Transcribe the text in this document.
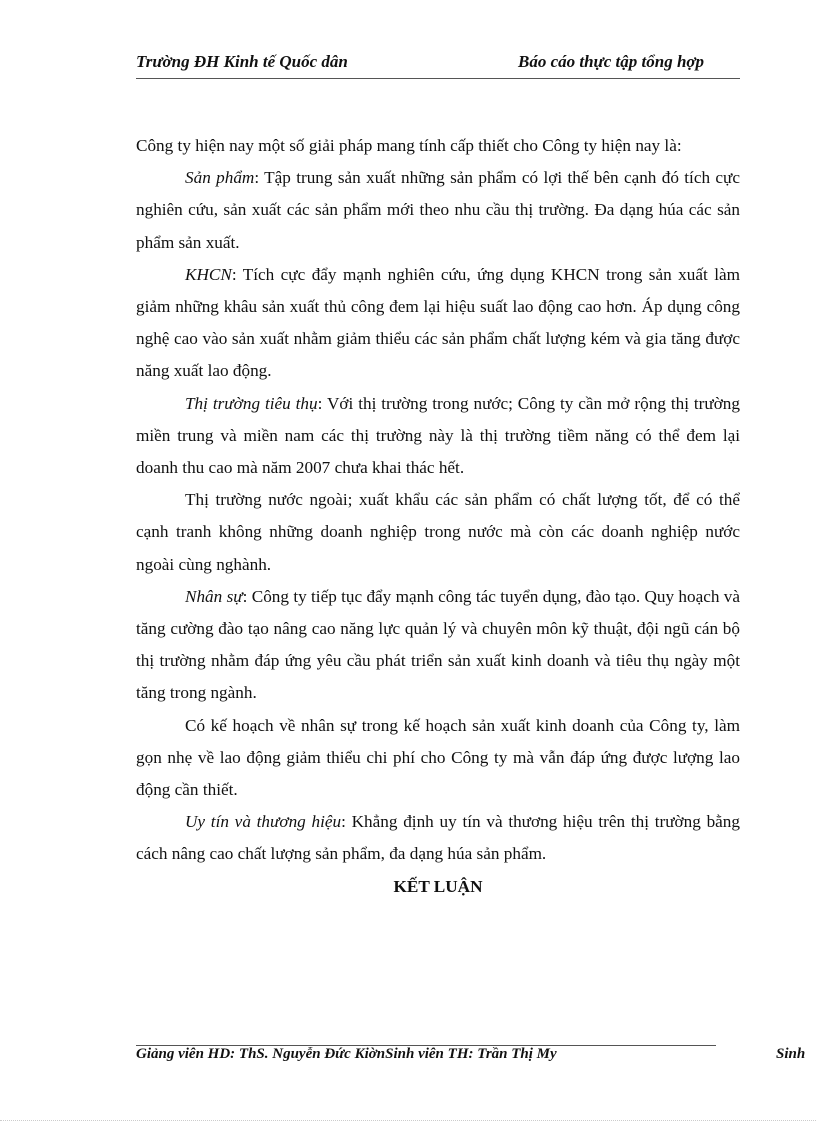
Trường ĐH Kinh tế Quốc dân	Báo cáo thực tập tổng hợp

Công ty hiện nay một số giải pháp mang tính cấp thiết cho Công ty hiện nay là:

Sản phẩm: Tập trung sản xuất những sản phẩm có lợi thế bên cạnh đó tích cực nghiên cứu, sản xuất các sản phẩm mới theo nhu cầu thị trường. Đa dạng húa các sản phẩm sản xuất.

KHCN: Tích cực đẩy mạnh nghiên cứu, ứng dụng KHCN trong sản xuất làm giảm những khâu sản xuất thủ công đem lại hiệu suất lao động cao hơn. Áp dụng công nghệ cao vào sản xuất nhằm giảm thiểu các sản phẩm chất lượng kém và gia tăng được năng xuất lao động.

Thị trường tiêu thụ: Với thị trường trong nước; Công ty cần mở rộng thị trường miền trung và miền nam các thị trường này là thị trường tiềm năng có thể đem lại doanh thu cao mà năm 2007 chưa khai thác hết.

Thị trường nước ngoài; xuất khẩu các sản phẩm có chất lượng tốt, để có thể cạnh tranh không những doanh nghiệp trong nước mà còn các doanh nghiệp nước ngoài cùng nghành.

Nhân sự: Công ty tiếp tục đẩy mạnh công tác tuyển dụng, đào tạo. Quy hoạch và tăng cường đào tạo nâng cao năng lực quản lý và chuyên môn kỹ thuật, đội ngũ cán bộ thị trường nhằm đáp ứng yêu cầu phát triển sản xuất kinh doanh và tiêu thụ ngày một tăng trong ngành.

Có kế hoạch về nhân sự trong kế hoạch sản xuất kinh doanh của Công ty, làm gọn nhẹ về lao động giảm thiểu chi phí cho Công ty mà vẫn đáp ứng được lượng lao động cần thiết.

Uy tín và thương hiệu: Khẳng định uy tín và thương hiệu trên thị trường bằng cách nâng cao chất lượng sản phẩm, đa dạng húa sản phẩm.

KẾT LUẬN

Giảng viên HD: ThS. Nguyễn Đức KiờnSinh viên TH: Trần Thị My	Sinh
